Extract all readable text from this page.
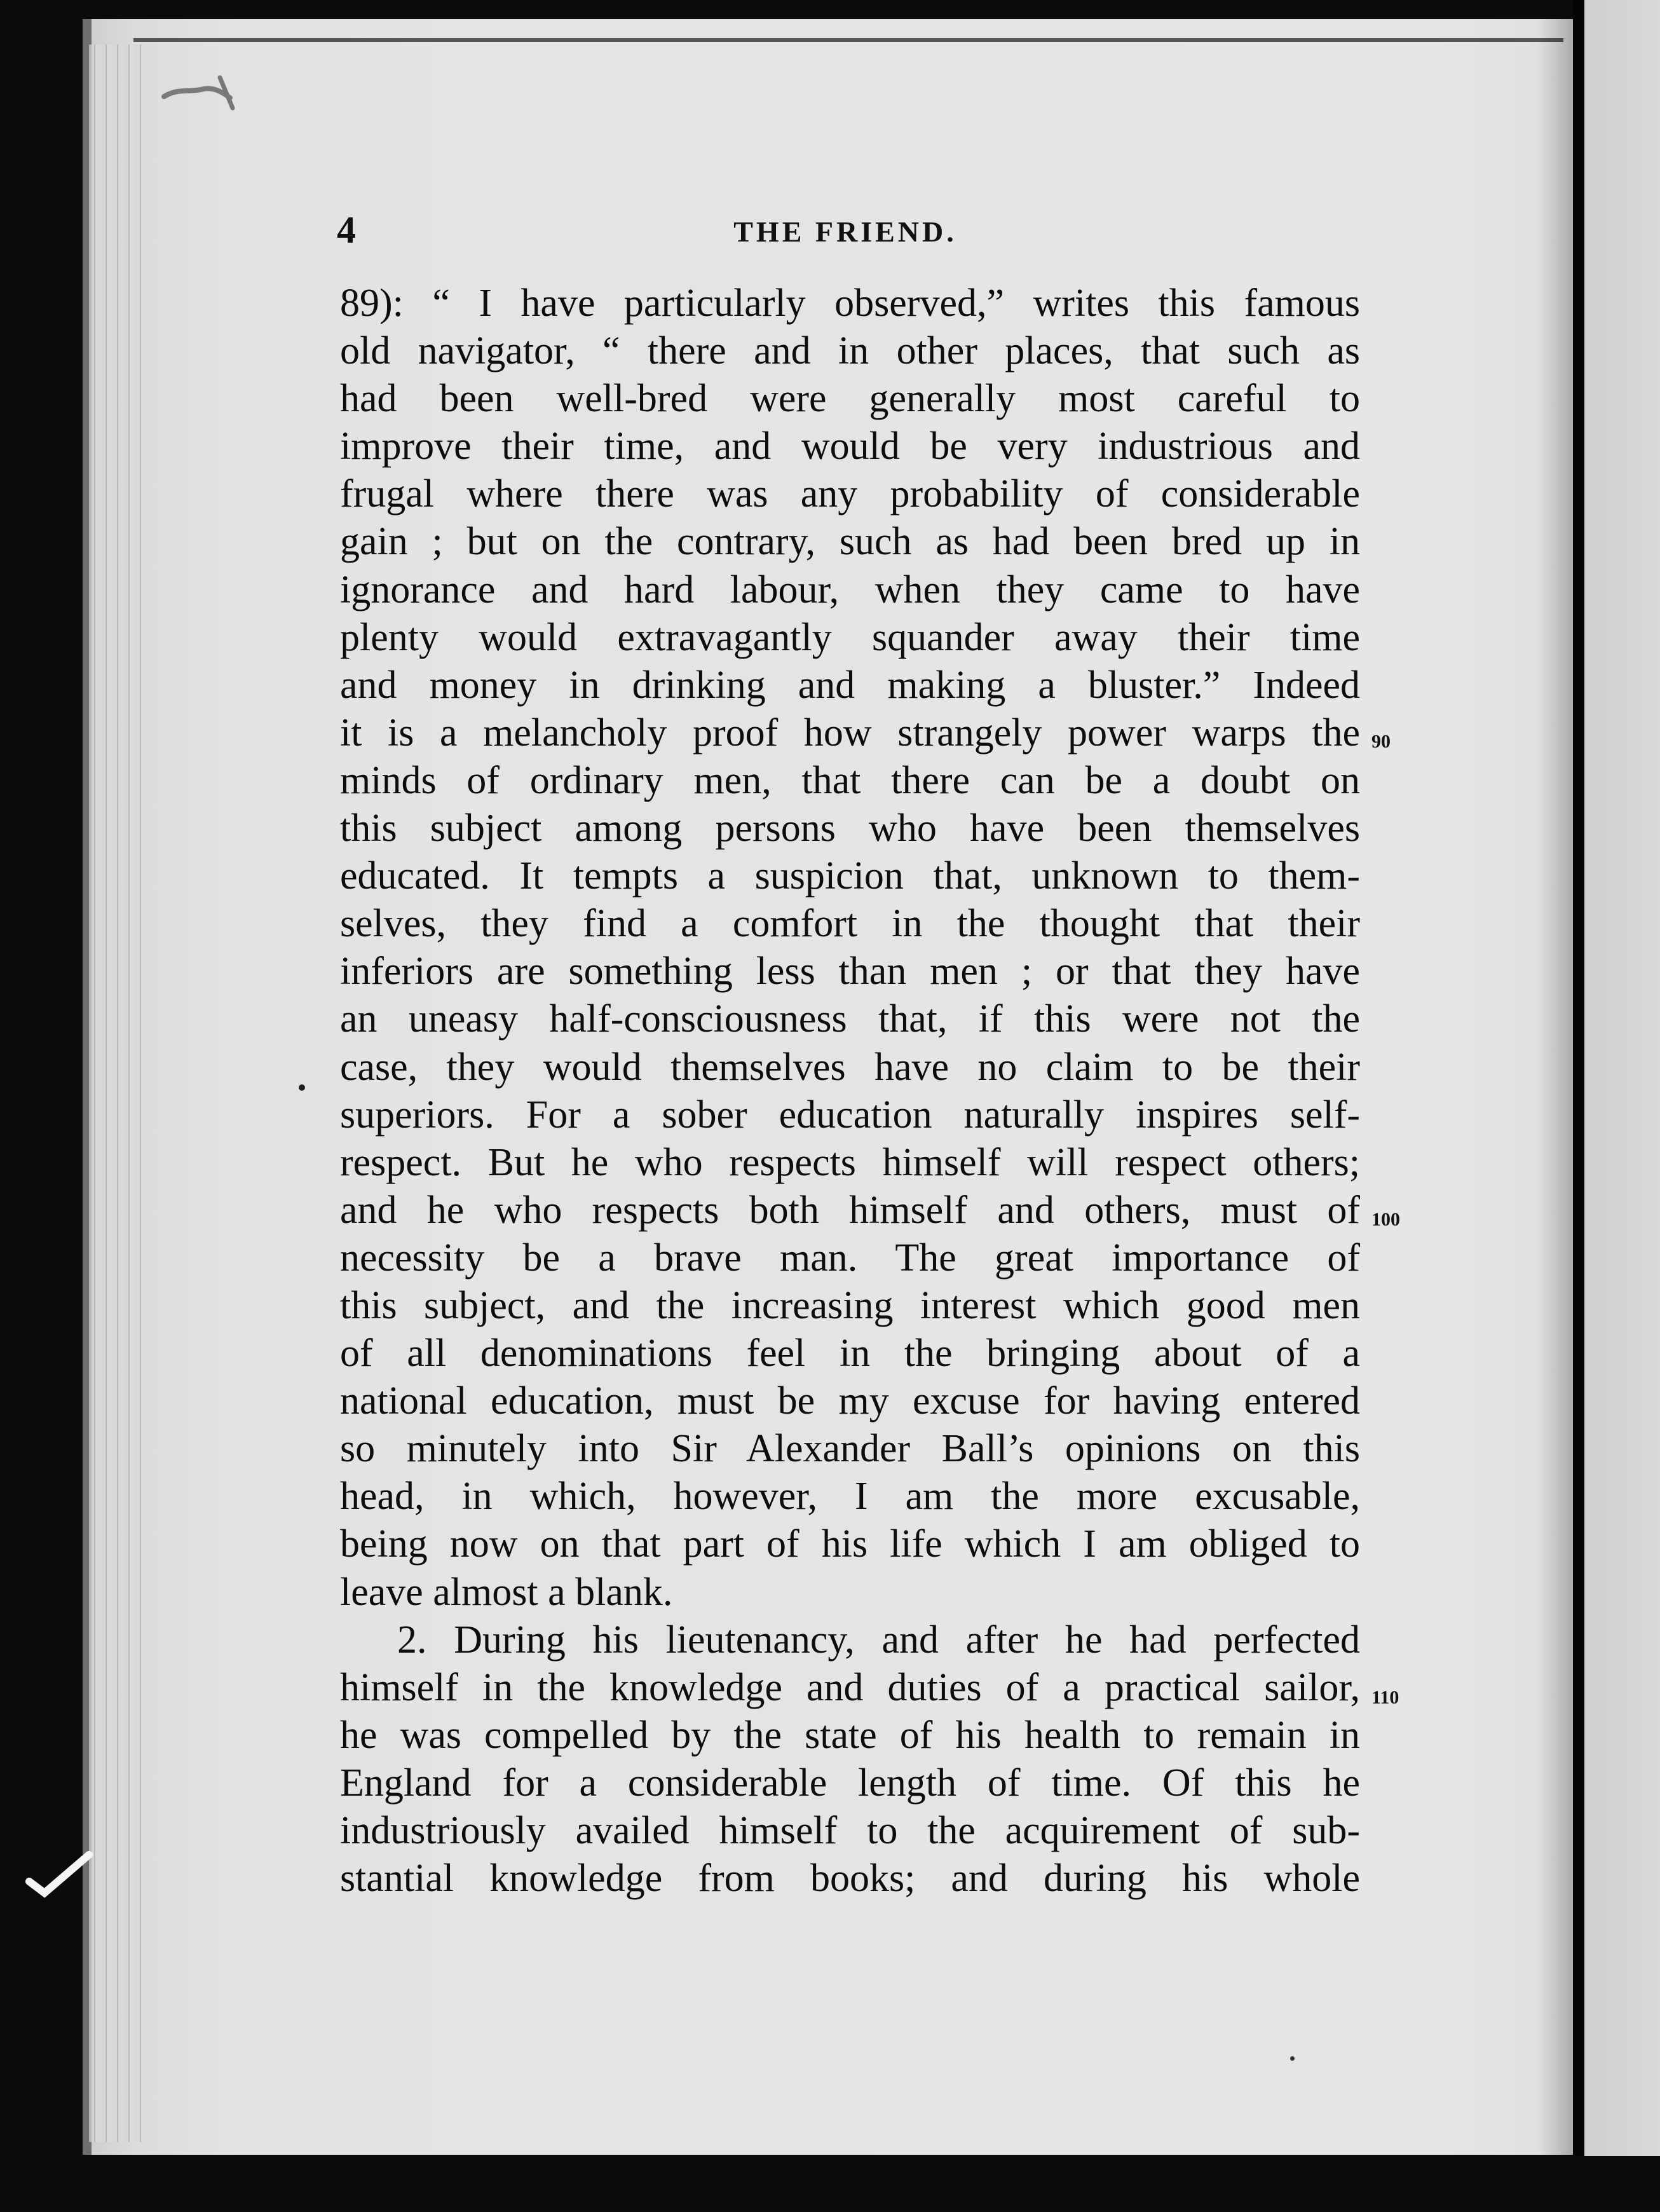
4	THE FRIEND.
89): “ I have particularly observed,” writes this famous
old navigator, “ there and in other places, that such as
had been well-bred were generally most careful to
improve their time, and would be very industrious and
frugal where there was any probability of considerable
gain ; but on the contrary, such as had been bred up in
ignorance and hard labour, when they came to have
plenty would extravagantly squander away their time
and money in drinking and making a bluster.” Indeed
it is a melancholy proof how strangely power warps the
minds of ordinary men, that there can be a doubt on
this subject among persons who have been themselves
educated. It tempts a suspicion that, unknown to them-
selves, they find a comfort in the thought that their
inferiors are something less than men ; or that they have
an uneasy half-consciousness that, if this were not the
case, they would themselves have no claim to be their
superiors. For a sober education naturally inspires self-
respect. But he who respects himself will respect others;
and he who respects both himself and others, must of
necessity be a brave man. The great importance of
this subject, and the increasing interest which good men
of all denominations feel in the bringing about of a
national education, must be my excuse for having entered
so minutely into Sir Alexander Ball’s opinions on this
head, in which, however, I am the more excusable,
being now on that part of his life which I am obliged to
leave almost a blank.
2. During his lieutenancy, and after he had perfected
himself in the knowledge and duties of a practical sailor,
he was compelled by the state of his health to remain in
England for a considerable length of time. Of this he
industriously availed himself to the acquirement of sub-
stantial knowledge from books; and during his whole
90
100
110
